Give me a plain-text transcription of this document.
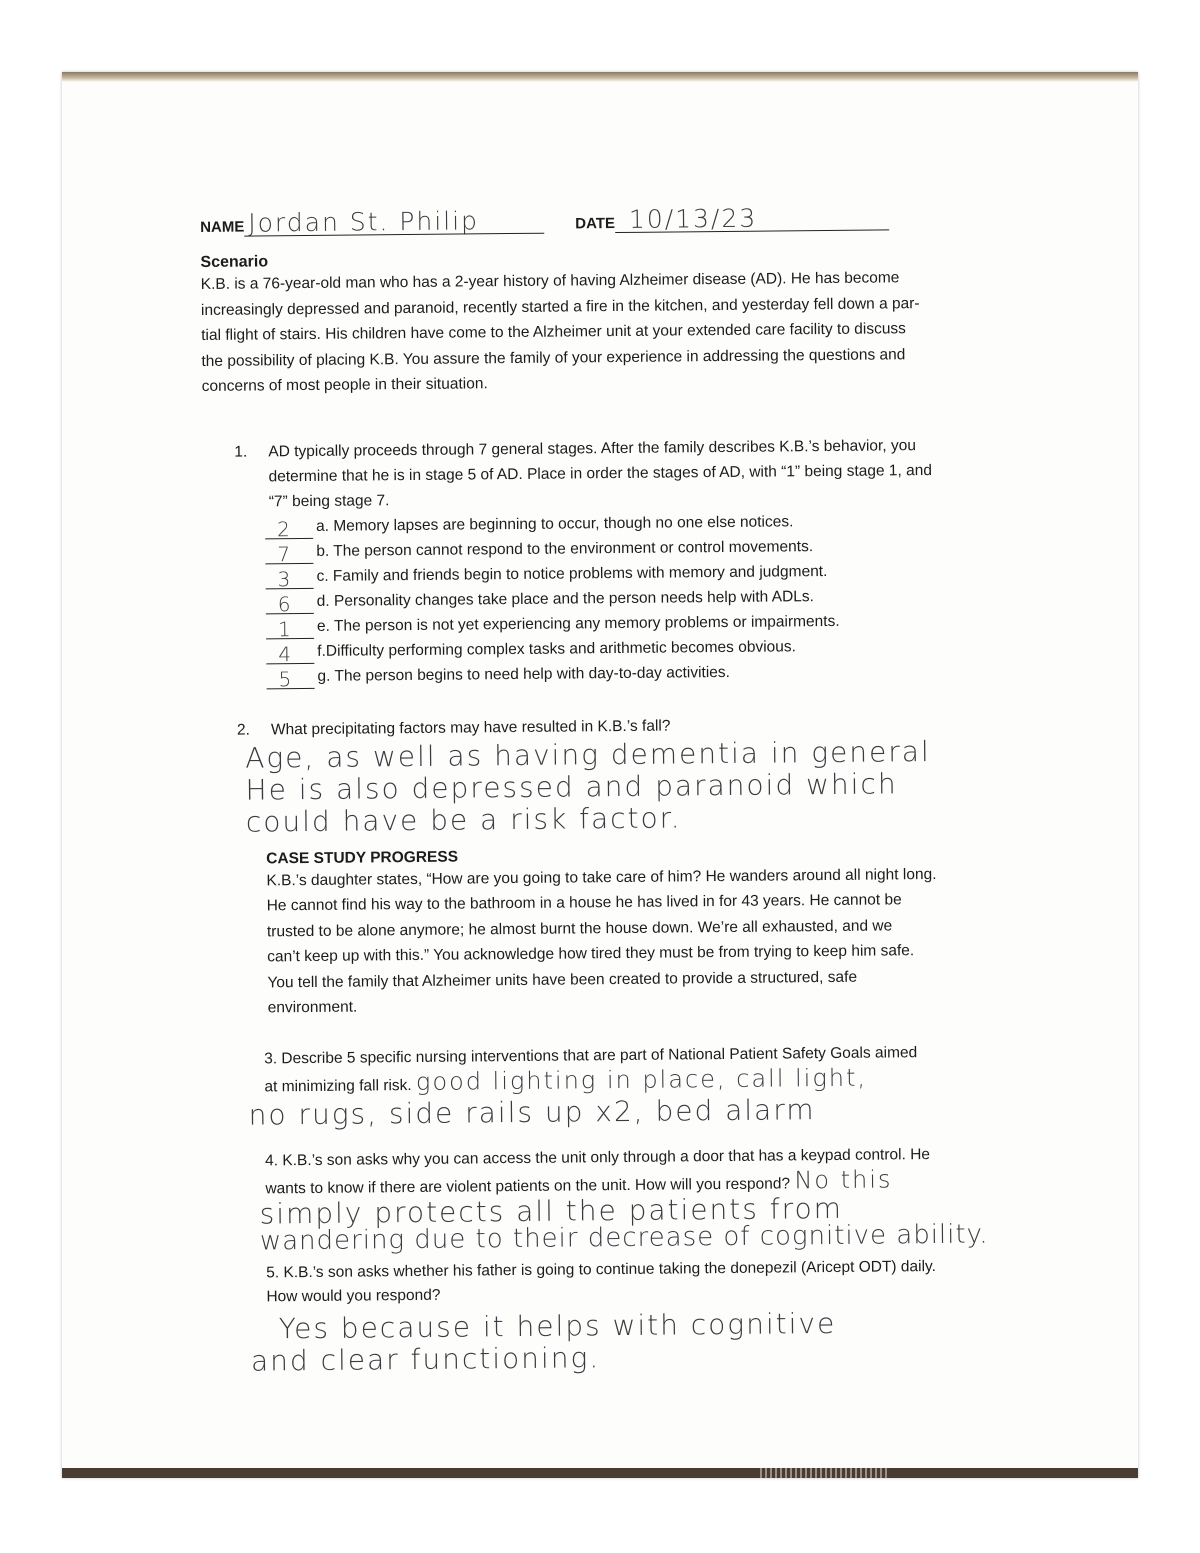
NAME Jordan St. Philip	DATE 10/13/23
Scenario
K.B. is a 76-year-old man who has a 2-year history of having Alzheimer disease (AD). He has become
increasingly depressed and paranoid, recently started a fire in the kitchen, and yesterday fell down a par-
tial flight of stairs. His children have come to the Alzheimer unit at your extended care facility to discuss
the possibility of placing K.B. You assure the family of your experience in addressing the questions and
concerns of most people in their situation.
1. AD typically proceeds through 7 general stages. After the family describes K.B.’s behavior, you
determine that he is in stage 5 of AD. Place in order the stages of AD, with “1” being stage 1, and
“7” being stage 7.
2 a. Memory lapses are beginning to occur, though no one else notices.
7 b. The person cannot respond to the environment or control movements.
3 c. Family and friends begin to notice problems with memory and judgment.
6 d. Personality changes take place and the person needs help with ADLs.
1 e. The person is not yet experiencing any memory problems or impairments.
4 f.Difficulty performing complex tasks and arithmetic becomes obvious.
5 g. The person begins to need help with day-to-day activities.
2. What precipitating factors may have resulted in K.B.’s fall?
Age, as well as having dementia in general
He is also depressed and paranoid which
could have be a risk factor.
CASE STUDY PROGRESS
K.B.’s daughter states, “How are you going to take care of him? He wanders around all night long.
He cannot find his way to the bathroom in a house he has lived in for 43 years. He cannot be
trusted to be alone anymore; he almost burnt the house down. We’re all exhausted, and we
can’t keep up with this.” You acknowledge how tired they must be from trying to keep him safe.
You tell the family that Alzheimer units have been created to provide a structured, safe
environment.
3. Describe 5 specific nursing interventions that are part of National Patient Safety Goals aimed
at minimizing fall risk. good lighting in place, call light,
no rugs, side rails up x2, bed alarm
4. K.B.’s son asks why you can access the unit only through a door that has a keypad control. He
wants to know if there are violent patients on the unit. How will you respond? No this
simply protects all the patients from
wandering due to their decrease of cognitive ability.
5. K.B.’s son asks whether his father is going to continue taking the donepezil (Aricept ODT) daily.
How would you respond?
Yes because it helps with cognitive
and clear functioning.
